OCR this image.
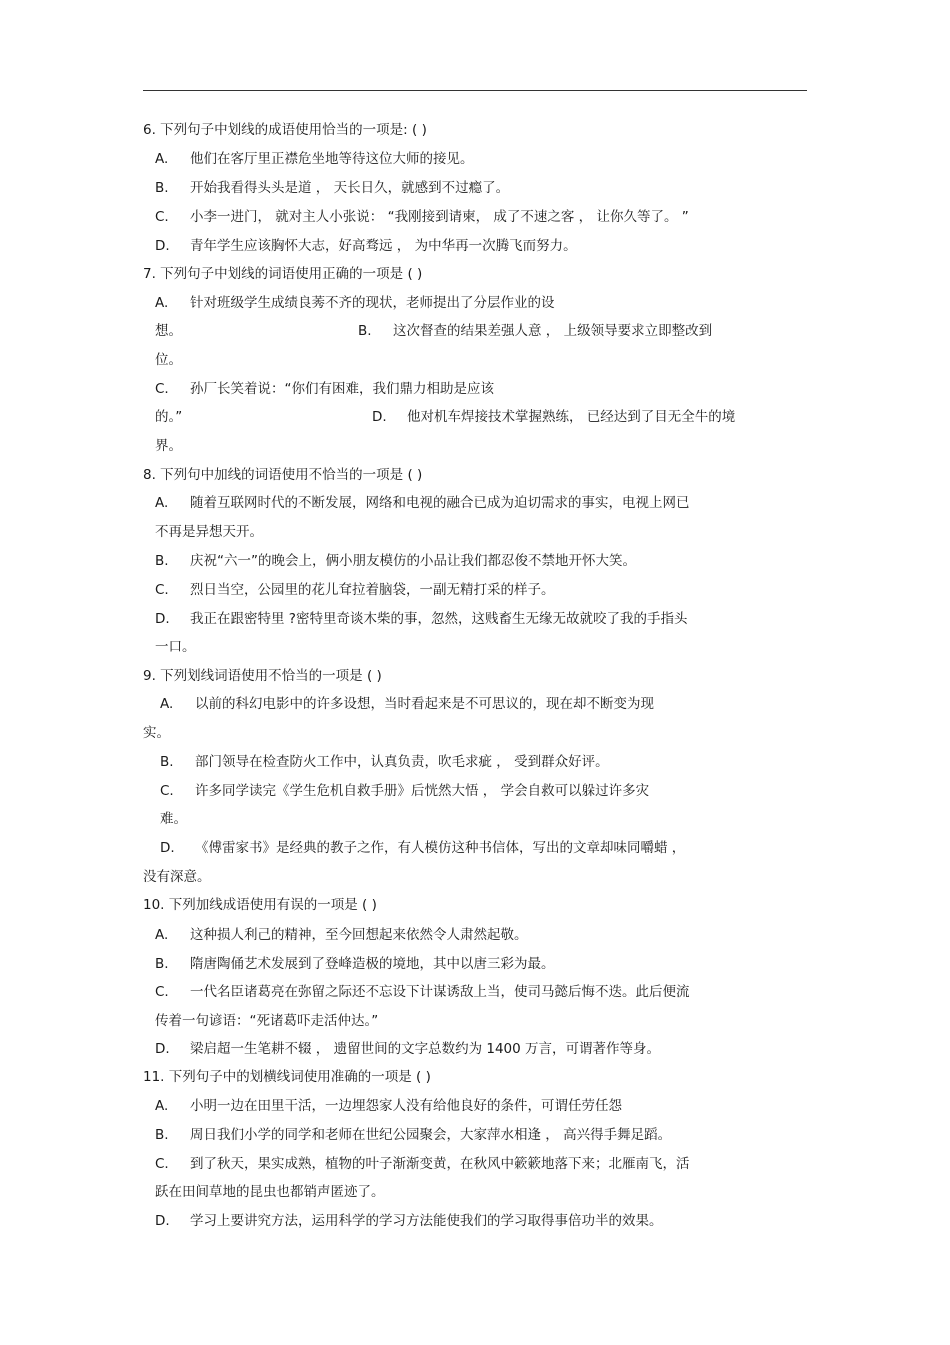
6. 下列句子中划线的成语使用恰当的一项是: ( )
A. 他们在客厅里正襟危坐地等待这位大师的接见。
B. 开始我看得头头是道 ， 天长日久，就感到不过瘾了。
C. 小李一进门， 就对主人小张说： “我刚接到请柬， 成了不速之客 ， 让你久等了。 ”
D. 青年学生应该胸怀大志，好高骛远 ， 为中华再一次腾飞而努力。
7. 下列句子中划线的词语使用正确的一项是 ( )
A. 针对班级学生成绩良莠不齐的现状，老师提出了分层作业的设
想。	B. 这次督查的结果差强人意 ， 上级领导要求立即整改到
位。
C. 孙厂长笑着说：“你们有困难，我们鼎力相助是应该
的。”	D. 他对机车焊接技术掌握熟练， 已经达到了目无全牛的境
界。
8. 下列句中加线的词语使用不恰当的一项是 ( )
A. 随着互联网时代的不断发展，网络和电视的融合已成为迫切需求的事实，电视上网已
不再是异想天开。
B. 庆祝“六一”的晚会上，俩小朋友模仿的小品让我们都忍俊不禁地开怀大笑。
C. 烈日当空，公园里的花儿耷拉着脑袋，一副无精打采的样子。
D. 我正在跟密特里 ?密特里奇谈木柴的事，忽然，这贱畜生无缘无故就咬了我的手指头
一口。
9. 下列划线词语使用不恰当的一项是 ( )
A. 以前的科幻电影中的许多设想，当时看起来是不可思议的，现在却不断变为现
实。
B. 部门领导在检查防火工作中，认真负责，吹毛求疵 ， 受到群众好评。
C. 许多同学读完《学生危机自救手册》后恍然大悟 ， 学会自救可以躲过许多灾
难。
D. 《傅雷家书》是经典的教子之作，有人模仿这种书信体，写出的文章却味同嚼蜡 ，
没有深意。
10. 下列加线成语使用有误的一项是 ( )
A. 这种损人利己的精神，至今回想起来依然令人肃然起敬。
B. 隋唐陶俑艺术发展到了登峰造极的境地，其中以唐三彩为最。
C. 一代名臣诸葛亮在弥留之际还不忘设下计谋诱敌上当，使司马懿后悔不迭。此后便流
传着一句谚语：“死诸葛吓走活仲达。”
D. 梁启超一生笔耕不辍 ， 遗留世间的文字总数约为 1400 万言，可谓著作等身。
11. 下列句子中的划横线词使用准确的一项是 ( )
A. 小明一边在田里干活，一边埋怨家人没有给他良好的条件，可谓任劳任怨
B. 周日我们小学的同学和老师在世纪公园聚会，大家萍水相逢 ， 高兴得手舞足蹈。
C. 到了秋天，果实成熟，植物的叶子渐渐变黄，在秋风中簌簌地落下来；北雁南飞，活
跃在田间草地的昆虫也都销声匿迹了。
D. 学习上要讲究方法，运用科学的学习方法能使我们的学习取得事倍功半的效果。
